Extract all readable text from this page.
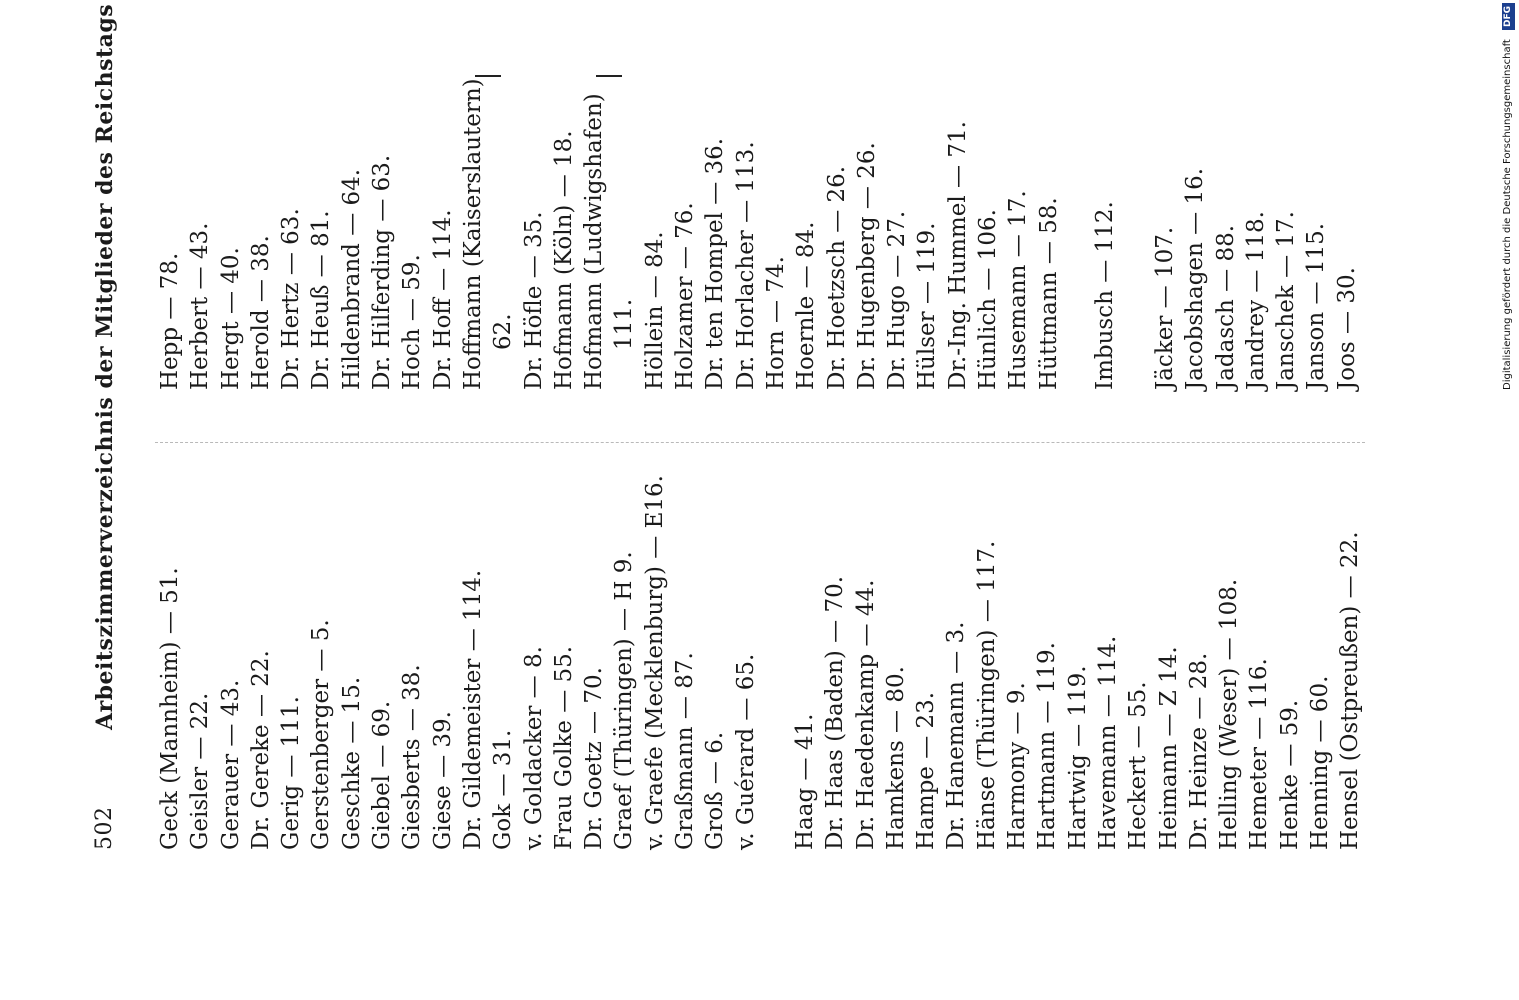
502
Arbeitszimmerverzeichnis der Mitglieder des Reichstags Geck (Mannheim) — 51. Geisler — 22. Gerauer — 43. Dr. Gereke — 22. Gerig — 111. Gerstenberger — 5. Geschke — 15. Giebel — 69. Giesberts — 38. Giese — 39. Dr. Gildemeister — 114. Gok — 31. v. Goldacker — 8. Frau Golke — 55. Dr. Goetz — 70. Graef (Thüringen) — H 9. v. Graefe (Mecklenburg) — E16. Graßmann — 87. Groß — 6. v. Guérard — 65. Haag — 41. Dr. Haas (Baden) — 70. Dr. Haedenkamp — 44. Hamkens — 80. Hampe — 23. Dr. Hanemann — 3. Hänse (Thüringen) — 117. Harmony — 9. Hartmann — 119. Hartwig — 119. Havemann — 114. Heckert — 55. Heimann — Z 14. Dr. Heinze — 28. Helling (Weser) — 108. Hemeter — 116. Henke — 59. Henning — 60. Hensel (Ostpreußen) — 22.
Hepp — 78. Herbert — 43. Hergt — 40. Herold — 38. Dr. Hertz — 63. Dr. Heuß — 81. Hildenbrand — 64. Dr. Hilferding — 63. Hoch — 59. Dr. Hoff — 114. Hoffmann (Kaiserslautern) 62. Dr. Höfle — 35. Hofmann (Köln) — 18. Hofmann (Ludwigshafen) 111. Höllein — 84. Holzamer — 76. Dr. ten Hompel — 36. Dr. Horlacher — 113. Horn — 74. Hoernle — 84. Dr. Hoetzsch — 26. Dr. Hugenberg — 26. Dr. Hugo — 27. Hülser — 119. Dr.-Ing. Hummel — 71. Hünlich — 106. Husemann — 17. Hüttmann — 58. Imbusch — 112. Jäcker — 107. Jacobshagen — 16. Jadasch — 88. Jandrey — 118. Janschek — 17. Janson — 115. Joos — 30.	Digitalisierung gefördert durch die Deutsche Forschungsgemeinschaft DFG
